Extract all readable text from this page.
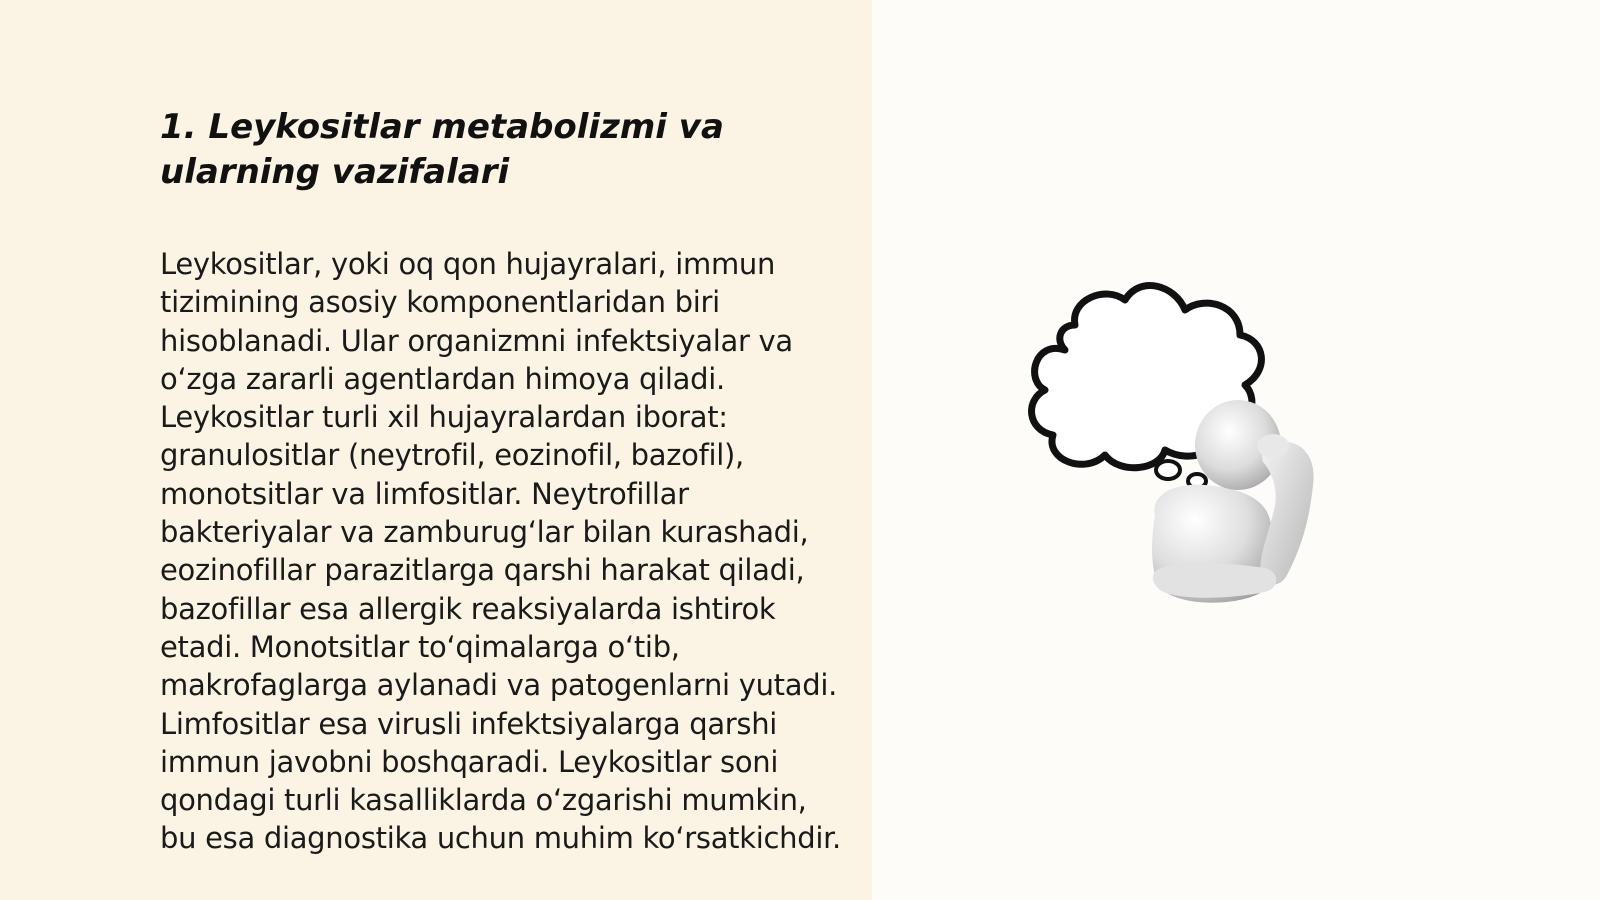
1. Leykositlar metabolizmi va ularning vazifalari

Leykositlar, yoki oq qon hujayralari, immun tizimining asosiy komponentlaridan biri hisoblanadi. Ular organizmni infektsiyalar va oʻzga zararli agentlardan himoya qiladi. Leykositlar turli xil hujayralardan iborat: granulositlar (neytrofil, eozinofil, bazofil), monotsitlar va limfositlar. Neytrofillar bakteriyalar va zamburugʻlar bilan kurashadi, eozinofillar parazitlarga qarshi harakat qiladi, bazofillar esa allergik reaksiyalarda ishtirok etadi. Monotsitlar toʻqimalarga oʻtib, makrofaglarga aylanadi va patogenlarni yutadi. Limfositlar esa virusli infektsiyalarga qarshi immun javobni boshqaradi. Leykositlar soni qondagi turli kasalliklarda oʻzgarishi mumkin, bu esa diagnostika uchun muhim koʻrsatkichdir.
